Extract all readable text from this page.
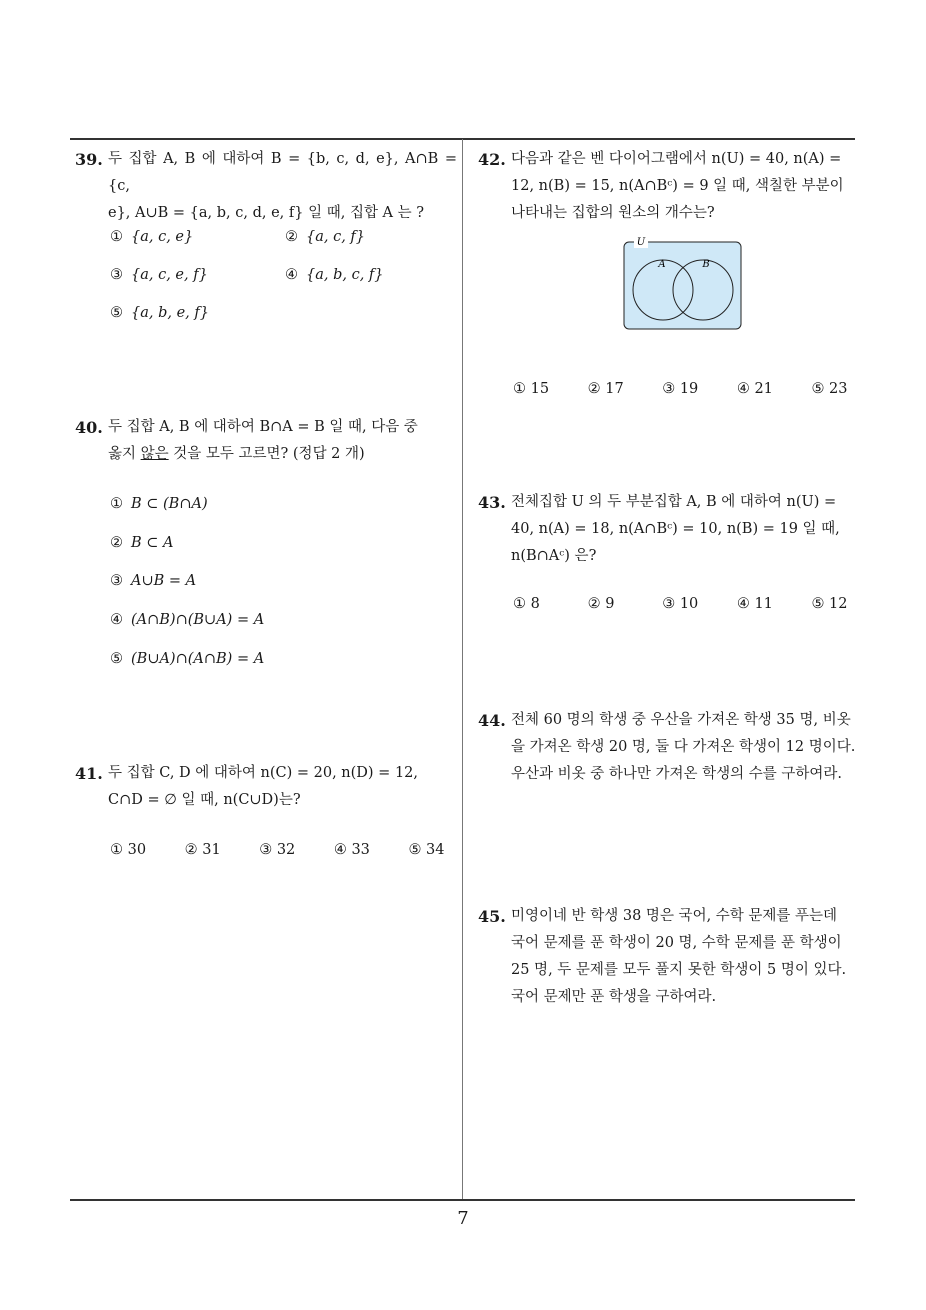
39. 두 집합 A, B 에 대하여 B = {b, c, d, e}, A∩B = {c,
e}, A∪B = {a, b, c, d, e, f} 일 때, 집합 A 는 ?
① {a, c, e}	② {a, c, f}
③ {a, c, e, f}	④ {a, b, c, f}
⑤ {a, b, e, f}
40. 두 집합 A, B 에 대하여 B∩A = B 일 때, 다음 중
옳지 않은 것을 모두 고르면? (정답 2 개)
① B ⊂ (B∩A)
② B ⊂ A
③ A∪B = A
④ (A∩B)∩(B∪A) = A
⑤ (B∪A)∩(A∩B) = A
41. 두 집합 C, D 에 대하여 n(C) = 20, n(D) = 12,
C∩D = ∅ 일 때, n(C∪D)는?
① 30	② 31	③ 32	④ 33	⑤ 34
42. 다음과 같은 벤 다이어그램에서 n(U) = 40, n(A) =
12, n(B) = 15, n(A∩Bᶜ) = 9 일 때, 색칠한 부분이
나타내는 집합의 원소의 개수는?
U
A	B
① 15	② 17	③ 19	④ 21	⑤ 23
43. 전체집합 U 의 두 부분집합 A, B 에 대하여 n(U) =
40, n(A) = 18, n(A∩Bᶜ) = 10, n(B) = 19 일 때,
n(B∩Aᶜ) 은?
① 8	② 9	③ 10	④ 11	⑤ 12
44. 전체 60 명의 학생 중 우산을 가져온 학생 35 명, 비옷
을 가져온 학생 20 명, 둘 다 가져온 학생이 12 명이다.
우산과 비옷 중 하나만 가져온 학생의 수를 구하여라.
45. 미영이네 반 학생 38 명은 국어, 수학 문제를 푸는데
국어 문제를 푼 학생이 20 명, 수학 문제를 푼 학생이
25 명, 두 문제를 모두 풀지 못한 학생이 5 명이 있다.
국어 문제만 푼 학생을 구하여라.
7
